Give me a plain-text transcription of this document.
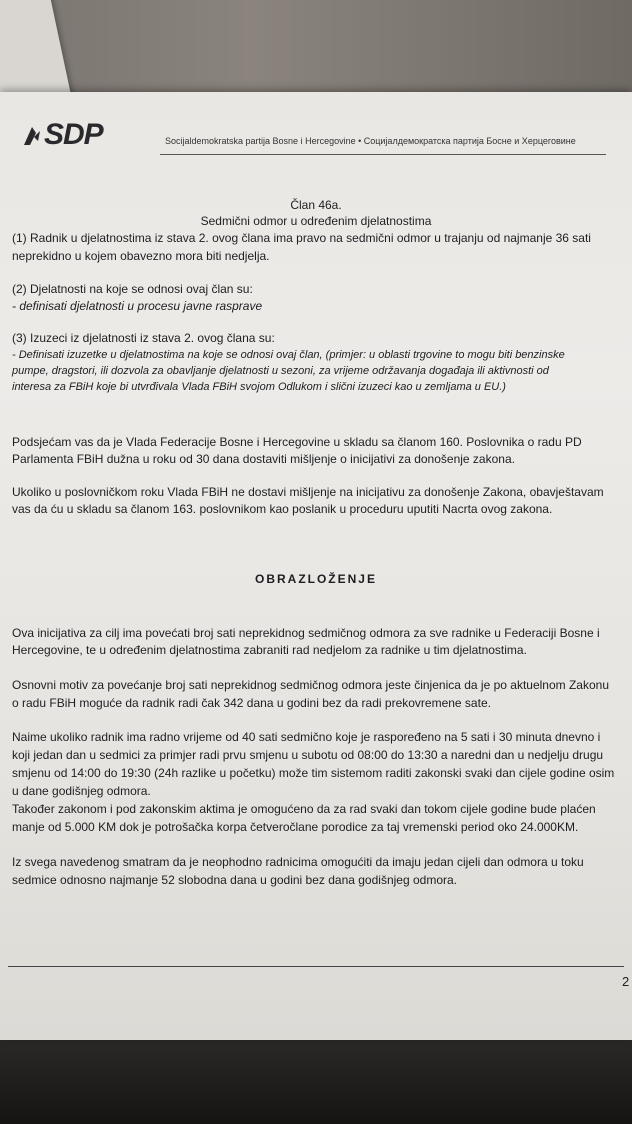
SDP	Socijaldemokratska partija Bosne i Hercegovine • Социјалдемократска партија Босне и Херцеговине
Član 46a.
Sedmični odmor u određenim djelatnostima
(1) Radnik u djelatnostima iz stava 2. ovog člana ima pravo na sedmični odmor u trajanju od najmanje 36 sati
neprekidno u kojem obavezno mora biti nedjelja.
(2) Djelatnosti na koje se odnosi ovaj član su:
- definisati djelatnosti u procesu javne rasprave
(3) Izuzeci iz djelatnosti iz stava 2. ovog člana su:
- Definisati izuzetke u djelatnostima na koje se odnosi ovaj član, (primjer: u oblasti trgovine to mogu biti benzinske
pumpe, dragstori, ili dozvola za obavljanje djelatnosti u sezoni, za vrijeme održavanja događaja ili aktivnosti od
interesa za FBiH koje bi utvrđivala Vlada FBiH svojom Odlukom i slični izuzeci kao u zemljama u EU.)
Podsjećam vas da je Vlada Federacije Bosne i Hercegovine u skladu sa članom 160. Poslovnika o radu PD
Parlamenta FBiH dužna u roku od 30 dana dostaviti mišljenje o inicijativi za donošenje zakona.
Ukoliko u poslovničkom roku Vlada FBiH ne dostavi mišljenje na inicijativu za donošenje Zakona, obavještavam
vas da ću u skladu sa članom 163. poslovnikom kao poslanik u proceduru uputiti Nacrta ovog zakona.
OBRAZLOŽENJE
Ova inicijativa za cilj ima povećati broj sati neprekidnog sedmičnog odmora za sve radnike u Federaciji Bosne i
Hercegovine, te u određenim djelatnostima zabraniti rad nedjelom za radnike u tim djelatnostima.
Osnovni motiv za povećanje broj sati neprekidnog sedmičnog odmora jeste činjenica da je po aktuelnom Zakonu
o radu FBiH moguće da radnik radi čak 342 dana u godini bez da radi prekovremene sate.
Naime ukoliko radnik ima radno vrijeme od 40 sati sedmično koje je raspoređeno na 5 sati i 30 minuta dnevno i
koji jedan dan u sedmici za primjer radi prvu smjenu u subotu od 08:00 do 13:30 a naredni dan u nedjelju drugu
smjenu od 14:00 do 19:30 (24h razlike u početku) može tim sistemom raditi zakonski svaki dan cijele godine osim
u dane godišnjeg odmora.
Također zakonom i pod zakonskim aktima je omogućeno da za rad svaki dan tokom cijele godine bude plaćen
manje od 5.000 KM dok je potrošačka korpa četveročlane porodice za taj vremenski period oko 24.000KM.
Iz svega navedenog smatram da je neophodno radnicima omogućiti da imaju jedan cijeli dan odmora u toku
sedmice odnosno najmanje 52 slobodna dana u godini bez dana godišnjeg odmora.
2
